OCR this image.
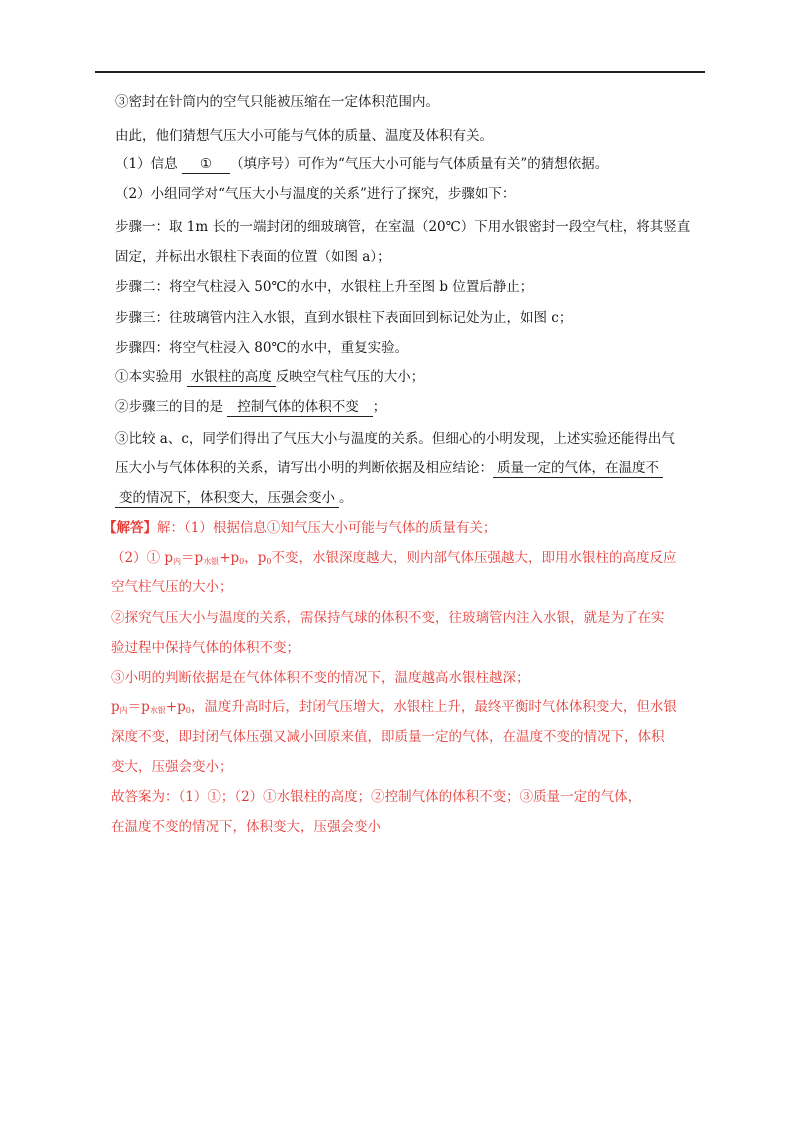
③密封在针筒内的空气只能被压缩在一定体积范围内。
由此，他们猜想气压大小可能与气体的质量、温度及体积有关。
（1）信息 ① （填序号）可作为“气压大小可能与气体质量有关”的猜想依据。
（2）小组同学对“气压大小与温度的关系”进行了探究，步骤如下：
步骤一：取 1m 长的一端封闭的细玻璃管，在室温（20℃）下用水银密封一段空气柱，将其竖直
固定，并标出水银柱下表面的位置（如图 a）；
步骤二：将空气柱浸入 50℃的水中，水银柱上升至图 b 位置后静止；
步骤三：往玻璃管内注入水银，直到水银柱下表面回到标记处为止，如图 c；
步骤四：将空气柱浸入 80℃的水中，重复实验。
①本实验用 水银柱的高度 反映空气柱气压的大小；
②步骤三的目的是 控制气体的体积不变 ；
③比较 a、c，同学们得出了气压大小与温度的关系。但细心的小明发现，上述实验还能得出气
压大小与气体体积的关系，请写出小明的判断依据及相应结论： 质量一定的气体，在温度不
变的情况下，体积变大，压强会变小 。
【解答】解：（1）根据信息①知气压大小可能与气体的质量有关；
（2）① $p_内=p_{水银}+p_0$，$p_0$不变，水银深度越大，则内部气体压强越大，即用水银柱的高度反应
空气柱气压的大小；
②探究气压大小与温度的关系，需保持气球的体积不变，往玻璃管内注入水银，就是为了在实
验过程中保持气体的体积不变；
③小明的判断依据是在气体体积不变的情况下，温度越高水银柱越深；
$p_内=p_{水银}+p_0$，温度升高时后，封闭气压增大，水银柱上升，最终平衡时气体体积变大，但水银
深度不变，即封闭气体压强又减小回原来值，即质量一定的气体，在温度不变的情况下，体积
变大，压强会变小；
故答案为：（1）①；（2）①水银柱的高度；②控制气体的体积不变；③质量一定的气体，
在温度不变的情况下，体积变大，压强会变小
